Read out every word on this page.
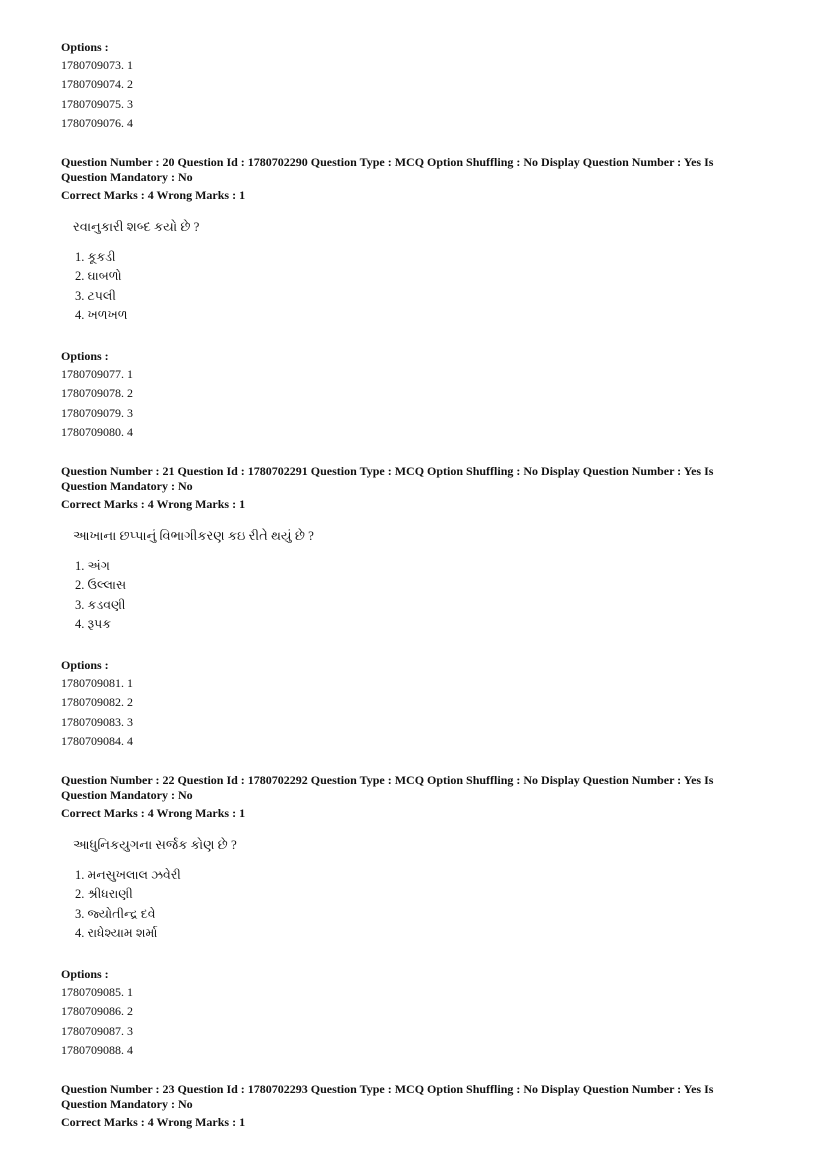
Options :
1780709073. 1
1780709074. 2
1780709075. 3
1780709076. 4
Question Number : 20 Question Id : 1780702290 Question Type : MCQ Option Shuffling : No Display Question Number : Yes Is
Question Mandatory : No
Correct Marks : 4 Wrong Marks : 1
રવાનુકારી શબ્દ કયો છે ?
1. કૂકડી
2. ઘાબળો
3. ટપલી
4. ખળખળ
Options :
1780709077. 1
1780709078. 2
1780709079. 3
1780709080. 4
Question Number : 21 Question Id : 1780702291 Question Type : MCQ Option Shuffling : No Display Question Number : Yes Is
Question Mandatory : No
Correct Marks : 4 Wrong Marks : 1
આખાના છપ્પાનું વિભાગીકરણ કઇ રીતે થયું છે ?
1. અંગ
2. ઉલ્લાસ
3. કડવણી
4. રૂપક
Options :
1780709081. 1
1780709082. 2
1780709083. 3
1780709084. 4
Question Number : 22 Question Id : 1780702292 Question Type : MCQ Option Shuffling : No Display Question Number : Yes Is
Question Mandatory : No
Correct Marks : 4 Wrong Marks : 1
આધુનિકયુગના સર્જક કોણ છે ?
1. મનસુખલાલ ઝવેરી
2. શ્રીધરાણી
3. જ્યોતીન્દ્ર દવે
4. રાધેશ્યામ શર્મા
Options :
1780709085. 1
1780709086. 2
1780709087. 3
1780709088. 4
Question Number : 23 Question Id : 1780702293 Question Type : MCQ Option Shuffling : No Display Question Number : Yes Is
Question Mandatory : No
Correct Marks : 4 Wrong Marks : 1
